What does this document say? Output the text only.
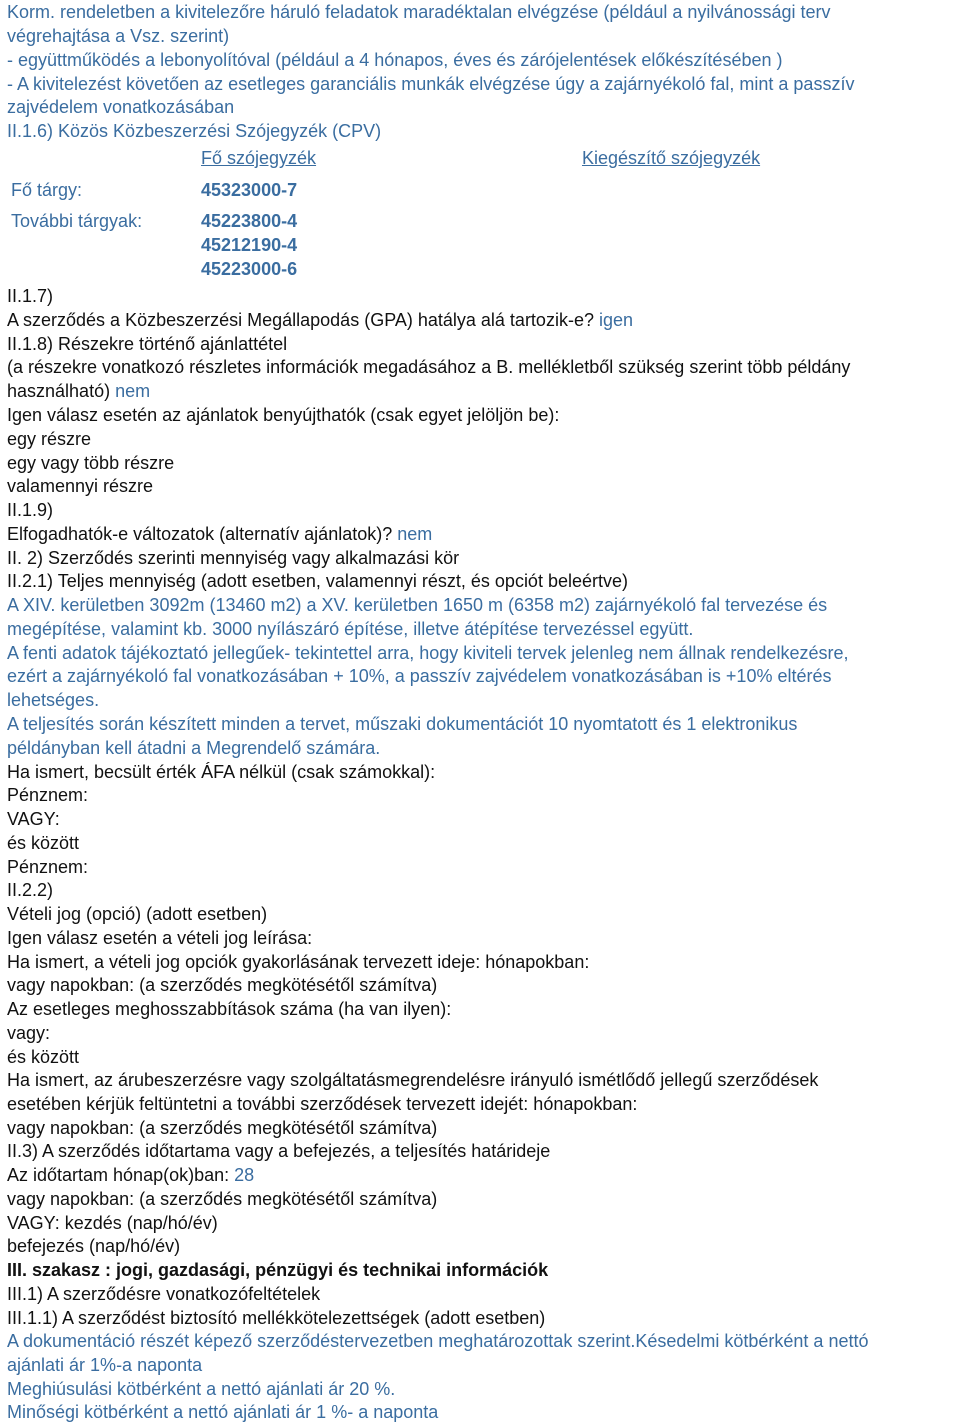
Korm. rendeletben a kivitelezőre háruló feladatok maradéktalan elvégzése (például a nyilvánossági terv
végrehajtása a Vsz. szerint)
- együttműködés a lebonyolítóval (például a 4 hónapos, éves és zárójelentések előkészítésében )
- A kivitelezést követően az esetleges garanciális munkák elvégzése úgy a zajárnyékoló fal, mint a passzív
zajvédelem vonatkozásában
II.1.6) Közös Közbeszerzési Szójegyzék (CPV)
Fő szójegyzék	Kiegészítő szójegyzék
Fő tárgy:	45323000-7
További tárgyak:	45223800-4
45212190-4
45223000-6
II.1.7)
A szerződés a Közbeszerzési Megállapodás (GPA) hatálya alá tartozik-e? igen
II.1.8) Részekre történő ajánlattétel
(a részekre vonatkozó részletes információk megadásához a B. mellékletből szükség szerint több példány
használható) nem
Igen válasz esetén az ajánlatok benyújthatók (csak egyet jelöljön be):
egy részre
egy vagy több részre
valamennyi részre
II.1.9)
Elfogadhatók-e változatok (alternatív ajánlatok)? nem
II. 2) Szerződés szerinti mennyiség vagy alkalmazási kör
II.2.1) Teljes mennyiség (adott esetben, valamennyi részt, és opciót beleértve)
A XIV. kerületben 3092m (13460 m2) a XV. kerületben 1650 m (6358 m2) zajárnyékoló fal tervezése és
megépítése, valamint kb. 3000 nyílászáró építése, illetve átépítése tervezéssel együtt.
A fenti adatok tájékoztató jellegűek- tekintettel arra, hogy kiviteli tervek jelenleg nem állnak rendelkezésre,
ezért a zajárnyékoló fal vonatkozásában + 10%, a passzív zajvédelem vonatkozásában is +10% eltérés
lehetséges.
A teljesítés során készített minden a tervet, műszaki dokumentációt 10 nyomtatott és 1 elektronikus
példányban kell átadni a Megrendelő számára.
Ha ismert, becsült érték ÁFA nélkül (csak számokkal):
Pénznem:
VAGY:
és között
Pénznem:
II.2.2)
Vételi jog (opció) (adott esetben)
Igen válasz esetén a vételi jog leírása:
Ha ismert, a vételi jog opciók gyakorlásának tervezett ideje: hónapokban:
vagy napokban: (a szerződés megkötésétől számítva)
Az esetleges meghosszabbítások száma (ha van ilyen):
vagy:
és között
Ha ismert, az árubeszerzésre vagy szolgáltatásmegrendelésre irányuló ismétlődő jellegű szerződések
esetében kérjük feltüntetni a további szerződések tervezett idejét: hónapokban:
vagy napokban: (a szerződés megkötésétől számítva)
II.3) A szerződés időtartama vagy a befejezés, a teljesítés határideje
Az időtartam hónap(ok)ban: 28
vagy napokban: (a szerződés megkötésétől számítva)
VAGY: kezdés (nap/hó/év)
befejezés (nap/hó/év)
III. szakasz : jogi, gazdasági, pénzügyi és technikai információk
III.1) A szerződésre vonatkozófeltételek
III.1.1) A szerződést biztosító mellékkötelezettségek (adott esetben)
A dokumentáció részét képező szerződéstervezetben meghatározottak szerint.Késedelmi kötbérként a nettó
ajánlati ár 1%-a naponta
Meghiúsulási kötbérként a nettó ajánlati ár 20 %.
Minőségi kötbérként a nettó ajánlati ár 1 %- a naponta
